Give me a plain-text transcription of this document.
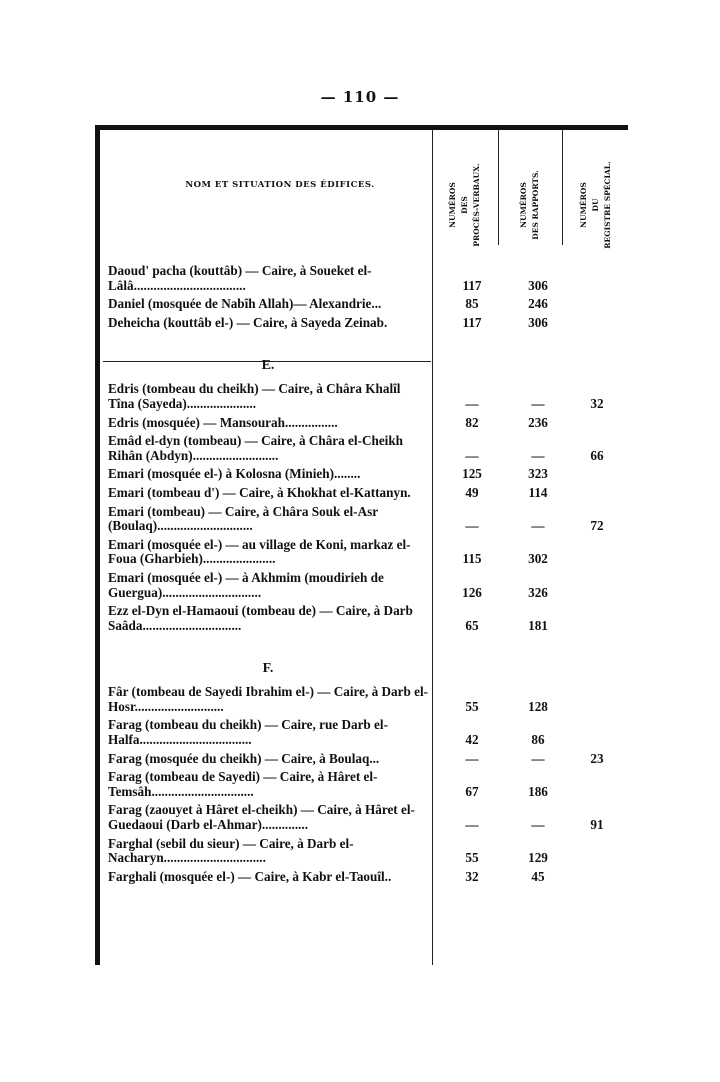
— 110 —
NOM ET SITUATION DES ÉDIFICES.	NUMÉROS DES PROCÈS-VERBAUX.	NUMÉROS DES RAPPORTS.	NUMÉROS DU REGISTRE SPÉCIAL.
Daoud' pacha (kouttâb) — Caire, à Soueket el-Lâlâ..................................	117	306
Daniel (mosquée de Nabîh Allah)— Alexandrie...	85	246
Deheicha (kouttâb el-) — Caire, à Sayeda Zeinab.	117	306
E.
Edris (tombeau du cheikh) — Caire, à Châra Khalîl Tîna (Sayeda).....................	—	—	32
Edris (mosquée) — Mansourah................	82	236
Emâd el-dyn (tombeau) — Caire, à Châra el-Cheikh Rihân (Abdyn)..........................	—	—	66
Emari (mosquée el-) à Kolosna (Minieh)........	125	323
Emari (tombeau d') — Caire, à Khokhat el-Kattanyn.	49	114
Emari (tombeau) — Caire, à Châra Souk el-Asr (Boulaq).............................	—	—	72
Emari (mosquée el-) — au village de Koni, markaz el-Foua (Gharbieh)......................	115	302
Emari (mosquée el-) — à Akhmim (moudirieh de Guergua)..............................	126	326
Ezz el-Dyn el-Hamaoui (tombeau de) — Caire, à Darb Saâda..............................	65	181
F.
Fâr (tombeau de Sayedi Ibrahim el-) — Caire, à Darb el-Hosr...........................	55	128
Farag (tombeau du cheikh) — Caire, rue Darb el-Halfa..................................	42	86
Farag (mosquée du cheikh) — Caire, à Boulaq...	—	—	23
Farag (tombeau de Sayedi) — Caire, à Hâret el-Temsâh...............................	67	186
Farag (zaouyet à Hâret el-cheikh) — Caire, à Hâret el-Guedaoui (Darb el-Ahmar)..............	—	—	91
Farghal (sebil du sieur) — Caire, à Darb el-Nacharyn...............................	55	129
Farghali (mosquée el-) — Caire, à Kabr el-Taouîl..	32	45
